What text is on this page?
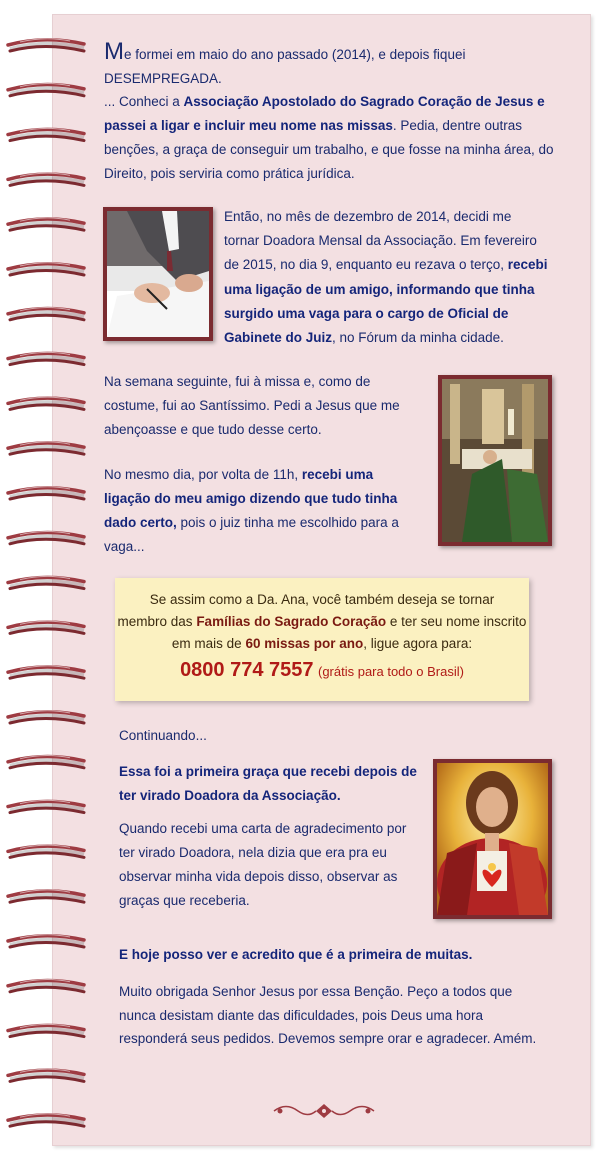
Me formei em maio do ano passado (2014), e depois fiquei DESEMPREGADA.
... Conheci a Associação Apostolado do Sagrado Coração de Jesus e passei a ligar e incluir meu nome nas missas. Pedia, dentre outras benções, a graça de conseguir um trabalho, e que fosse na minha área, do Direito, pois serviria como prática jurídica.
Então, no mês de dezembro de 2014, decidi me tornar Doadora Mensal da Associação. Em fevereiro de 2015, no dia 9, enquanto eu rezava o terço, recebi uma ligação de um amigo, informando que tinha surgido uma vaga para o cargo de Oficial de Gabinete do Juiz, no Fórum da minha cidade.
Na semana seguinte, fui à missa e, como de costume, fui ao Santíssimo. Pedi a Jesus que me abençoasse e que tudo desse certo.
No mesmo dia, por volta de 11h, recebi uma ligação do meu amigo dizendo que tudo tinha dado certo, pois o juiz tinha me escolhido para a vaga...
Se assim como a Da. Ana, você também deseja se tornar
membro das Famílias do Sagrado Coração e ter seu nome inscrito
em mais de 60 missas por ano, ligue agora para:
0800 774 7557 (grátis para todo o Brasil)
Continuando...
Essa foi a primeira graça que recebi depois de ter virado Doadora da Associação.
Quando recebi uma carta de agradecimento por ter virado Doadora, nela dizia que era pra eu observar minha vida depois disso, observar as graças que receberia.
E hoje posso ver e acredito que é a primeira de muitas.
Muito obrigada Senhor Jesus por essa Benção. Peço a todos que nunca desistam diante das dificuldades, pois Deus uma hora responderá seus pedidos. Devemos sempre orar e agradecer. Amém.
